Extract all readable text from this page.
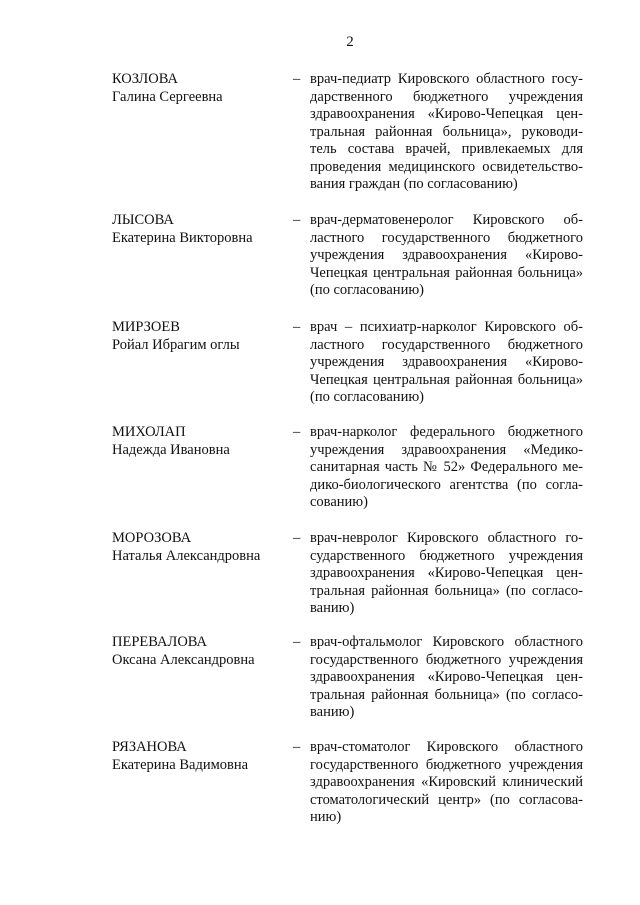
2
КОЗЛОВА
Галина Сергеевна
– врач-педиатр Кировского областного госу-
дарственного бюджетного учреждения
здравоохранения «Кирово-Чепецкая цен-
тральная районная больница», руководи-
тель состава врачей, привлекаемых для
проведения медицинского освидетельство-
вания граждан (по согласованию)
ЛЫСОВА
Екатерина Викторовна
– врач-дерматовенеролог Кировского об-
ластного государственного бюджетного
учреждения здравоохранения «Кирово-
Чепецкая центральная районная больница»
(по согласованию)
МИРЗОЕВ
Ройал Ибрагим оглы
– врач – психиатр-нарколог Кировского об-
ластного государственного бюджетного
учреждения здравоохранения «Кирово-
Чепецкая центральная районная больница»
(по согласованию)
МИХОЛАП
Надежда Ивановна
– врач-нарколог федерального бюджетного
учреждения здравоохранения «Медико-
санитарная часть № 52» Федерального ме-
дико-биологического агентства (по согла-
сованию)
МОРОЗОВА
Наталья Александровна
– врач-невролог Кировского областного го-
сударственного бюджетного учреждения
здравоохранения «Кирово-Чепецкая цен-
тральная районная больница» (по согласо-
ванию)
ПЕРЕВАЛОВА
Оксана Александровна
– врач-офтальмолог Кировского областного
государственного бюджетного учреждения
здравоохранения «Кирово-Чепецкая цен-
тральная районная больница» (по согласо-
ванию)
РЯЗАНОВА
Екатерина Вадимовна
– врач-стоматолог Кировского областного
государственного бюджетного учреждения
здравоохранения «Кировский клинический
стоматологический центр» (по согласова-
нию)
